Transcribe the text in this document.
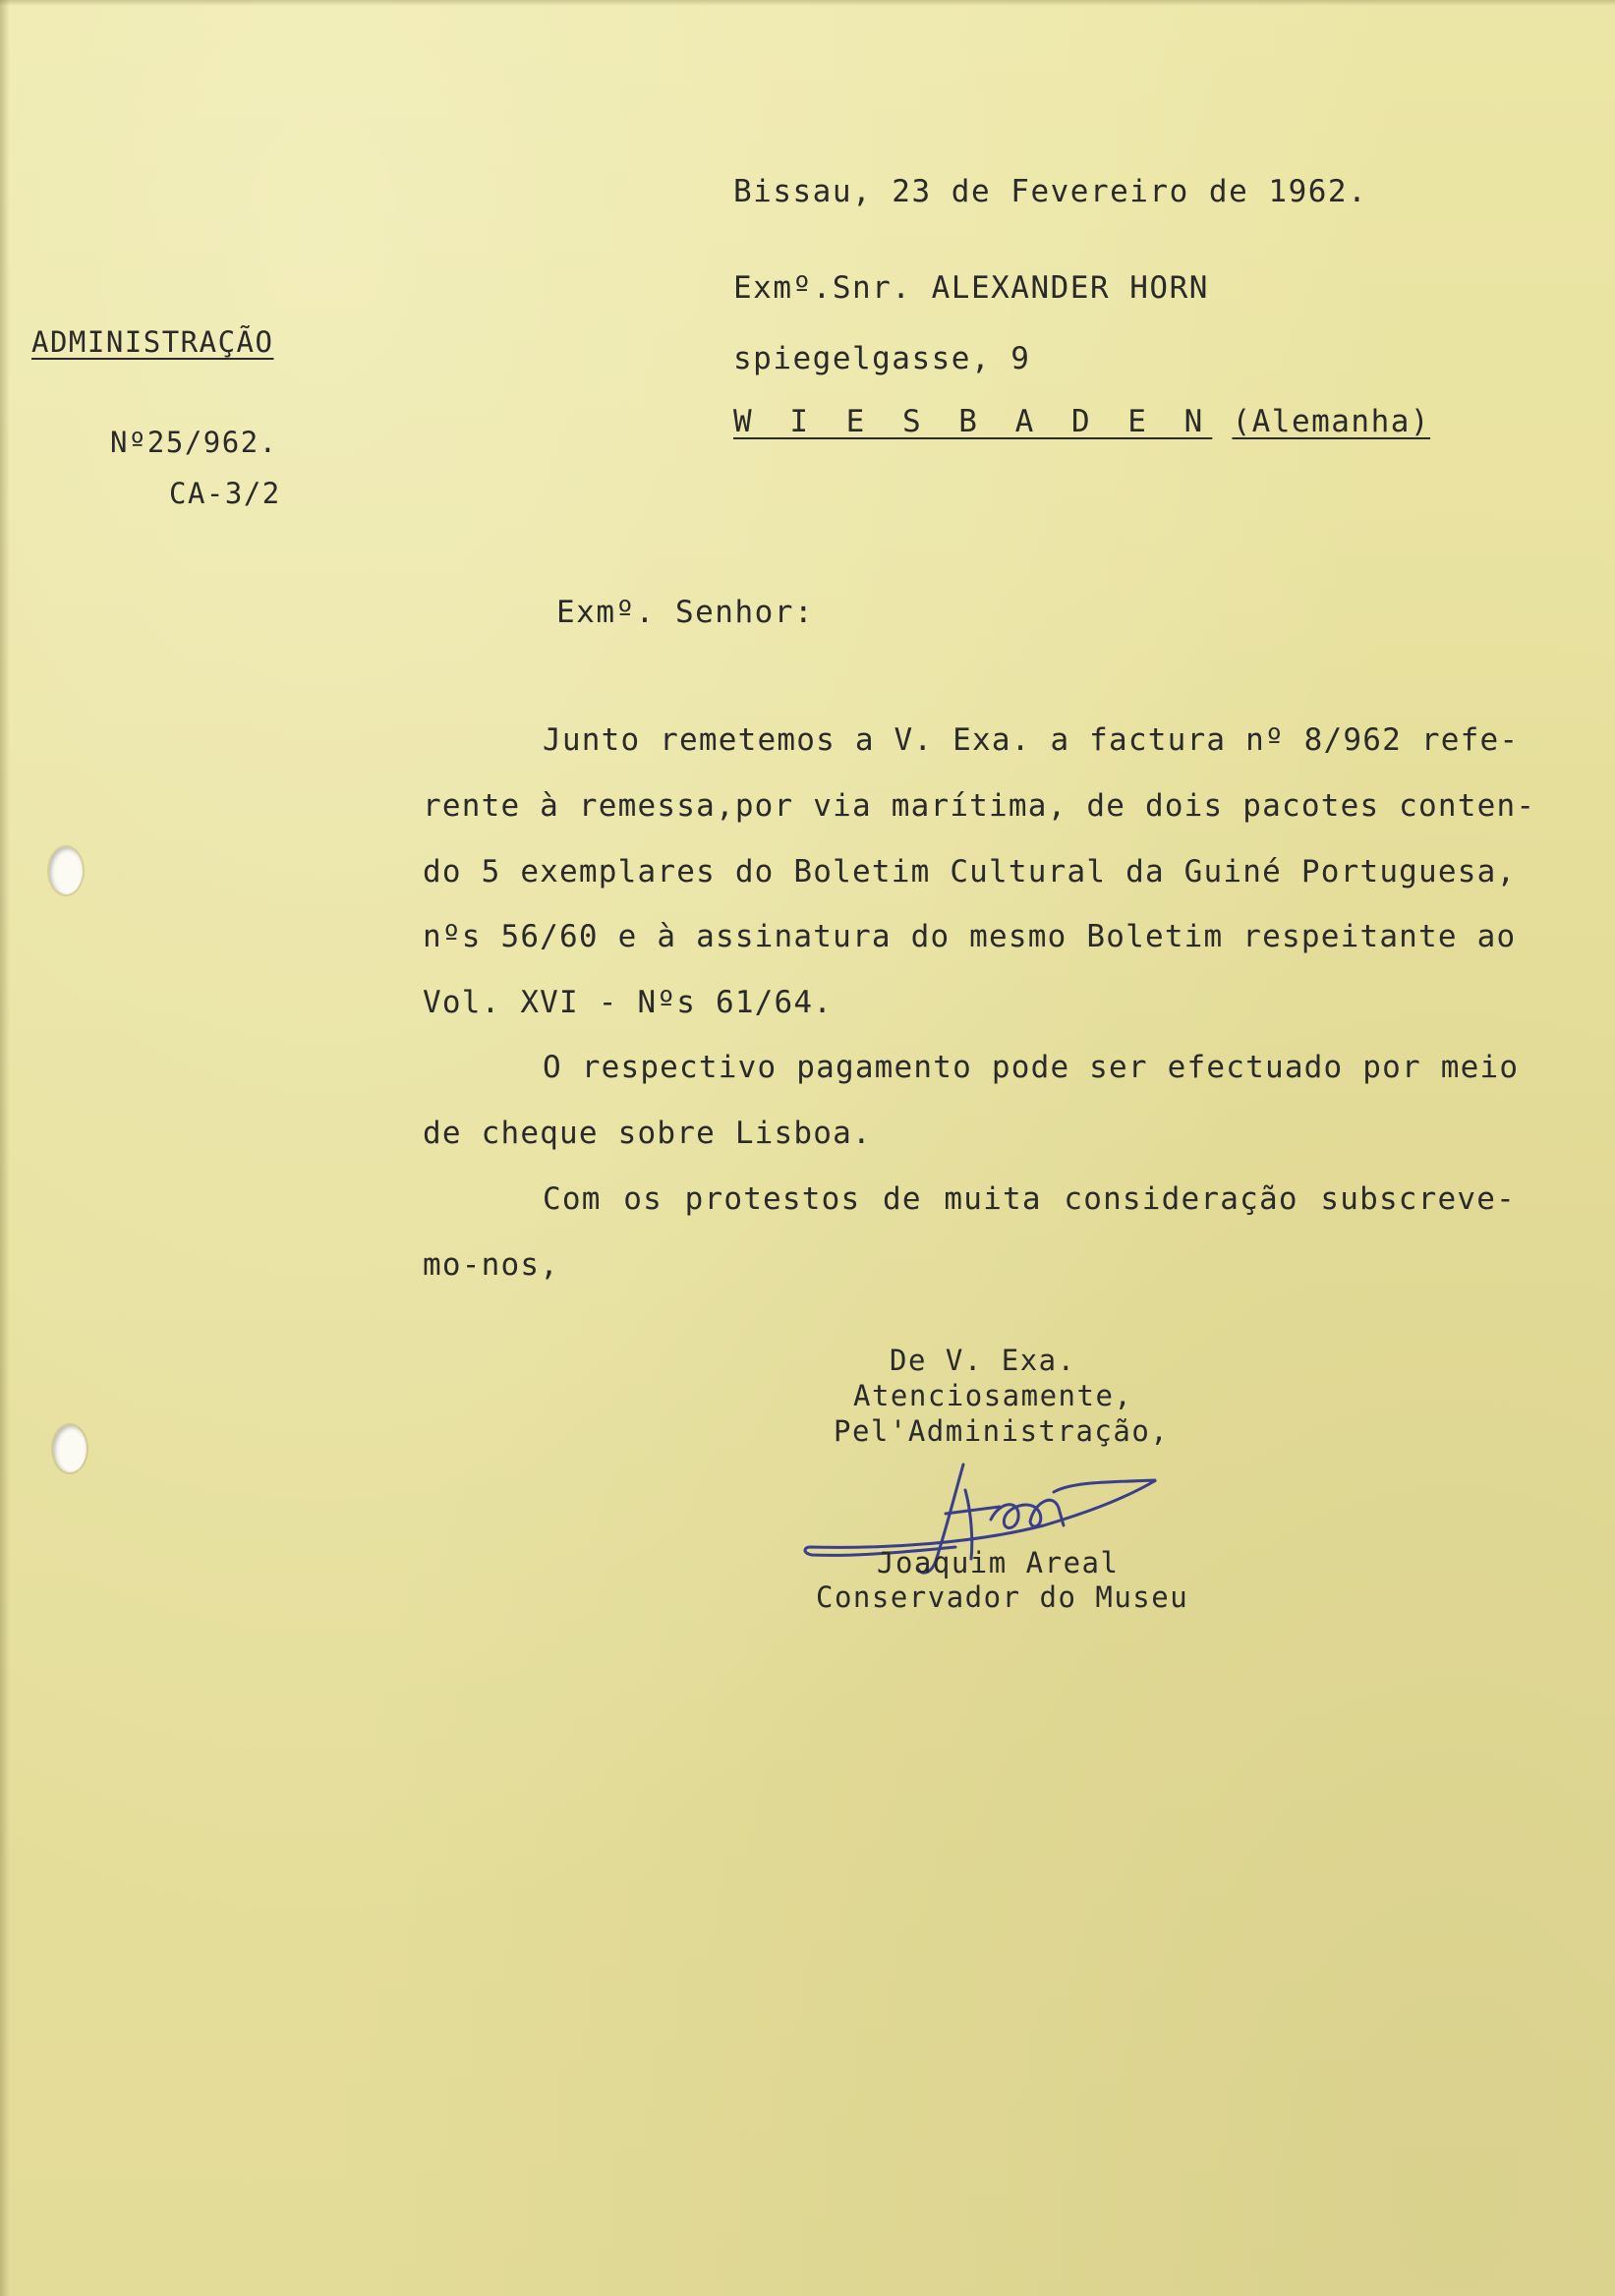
Bissau, 23 de Fevereiro de 1962.
Exmº.Snr. ALEXANDER HORN
spiegelgasse, 9
W I E S B A D E N (Alemanha)
ADMINISTRAÇÃO
Nº25/962.
CA-3/2
Exmº. Senhor:
Junto remetemos a V. Exa. a factura nº 8/962 refe-
rente à remessa,por via marítima, de dois pacotes conten-
do 5 exemplares do Boletim Cultural da Guiné Portuguesa,
nºs 56/60 e à assinatura do mesmo Boletim respeitante ao
Vol. XVI - Nºs 61/64.
O respectivo pagamento pode ser efectuado por meio
de cheque sobre Lisboa.
Com os protestos de muita consideração subscreve-
mo-nos,
De V. Exa.
Atenciosamente,
Pel'Administração,
Joaquim Areal
Conservador do Museu
